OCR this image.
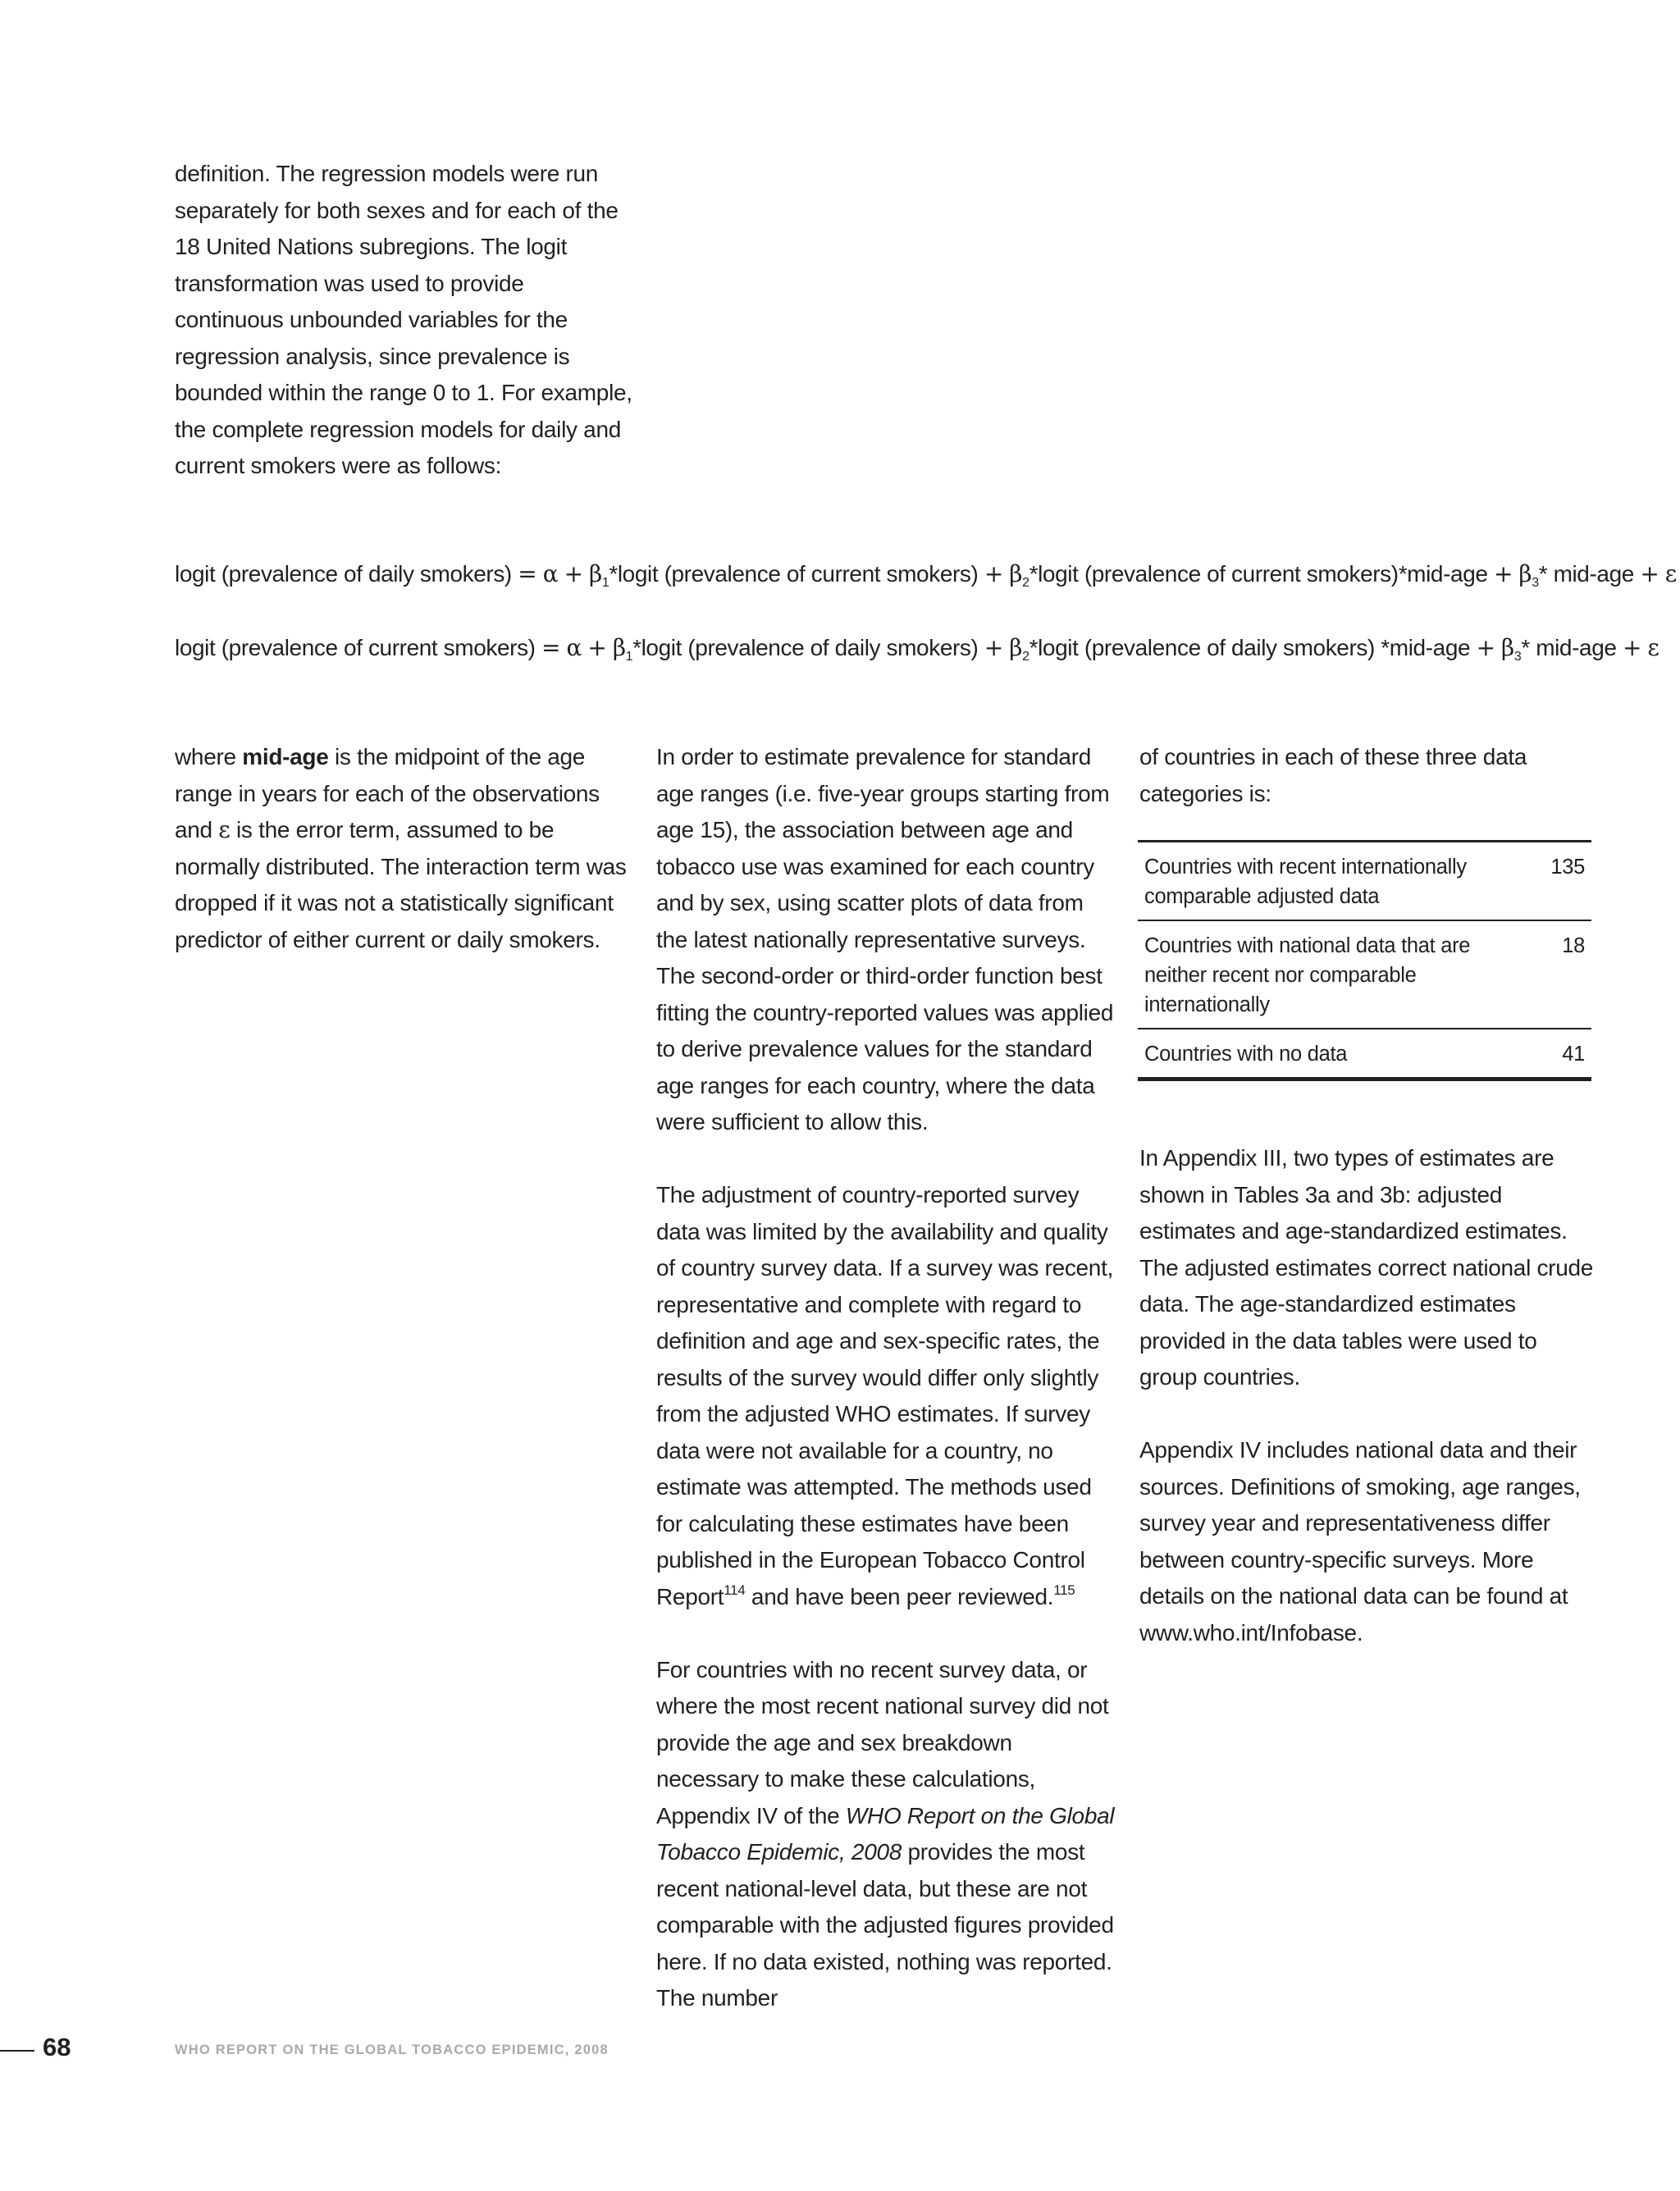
definition. The regression models were run separately for both sexes and for each of the 18 United Nations subregions. The logit transformation was used to provide continuous unbounded variables for the regression analysis, since prevalence is bounded within the range 0 to 1. For example, the complete regression models for daily and current smokers were as follows:

logit (prevalence of daily smokers) = $\alpha + \beta_1*logit$ (prevalence of current smokers) + $\beta_2*logit$ (prevalence of current smokers)*mid-age + $\beta_3*$ mid-age + ε
logit (prevalence of current smokers) = $\alpha + \beta_1*logit$ (prevalence of daily smokers) + $\beta_2*logit$ (prevalence of daily smokers) $*mid-age + \beta_3*$ mid-age + ε

where mid-age is the midpoint of the age range in years for each of the observations and ε is the error term, assumed to be normally distributed. The interaction term was dropped if it was not a statistically significant predictor of either current or daily smokers.

In order to estimate prevalence for standard age ranges (i.e. five-year groups starting from age 15), the association between age and tobacco use was examined for each country and by sex, using scatter plots of data from the latest nationally representative surveys. The second-order or third-order function best fitting the country-reported values was applied to derive prevalence values for the standard age ranges for each country, where the data were sufficient to allow this.

The adjustment of country-reported survey data was limited by the availability and quality of country survey data. If a survey was recent, representative and complete with regard to definition and age and sex-specific rates, the results of the survey would differ only slightly from the adjusted WHO estimates. If survey data were not available for a country, no estimate was attempted. The methods used for calculating these estimates have been published in the European Tobacco Control Report$^{114}$ and have been peer reviewed.$^{115}$

For countries with no recent survey data, or where the most recent national survey did not provide the age and sex breakdown necessary to make these calculations, Appendix IV of the WHO Report on the Global Tobacco Epidemic, 2008 provides the most recent national-level data, but these are not comparable with the adjusted figures provided here. If no data existed, nothing was reported. The number

of countries in each of these three data categories is:

Countries with recent internationally comparable adjusted data
135
Countries with national data that are neither recent nor comparable internationally
18
Countries with no data	41

In Appendix III, two types of estimates are shown in Tables 3a and 3b: adjusted estimates and age-standardized estimates. The adjusted estimates correct national crude data. The age-standardized estimates provided in the data tables were used to group countries.

Appendix IV includes national data and their sources. Definitions of smoking, age ranges, survey year and representativeness differ between country-specific surveys. More details on the national data can be found at www.who.int/Infobase.

68	WHO REPORT ON THE GLOBAL TOBACCO EPIDEMIC, 2008
